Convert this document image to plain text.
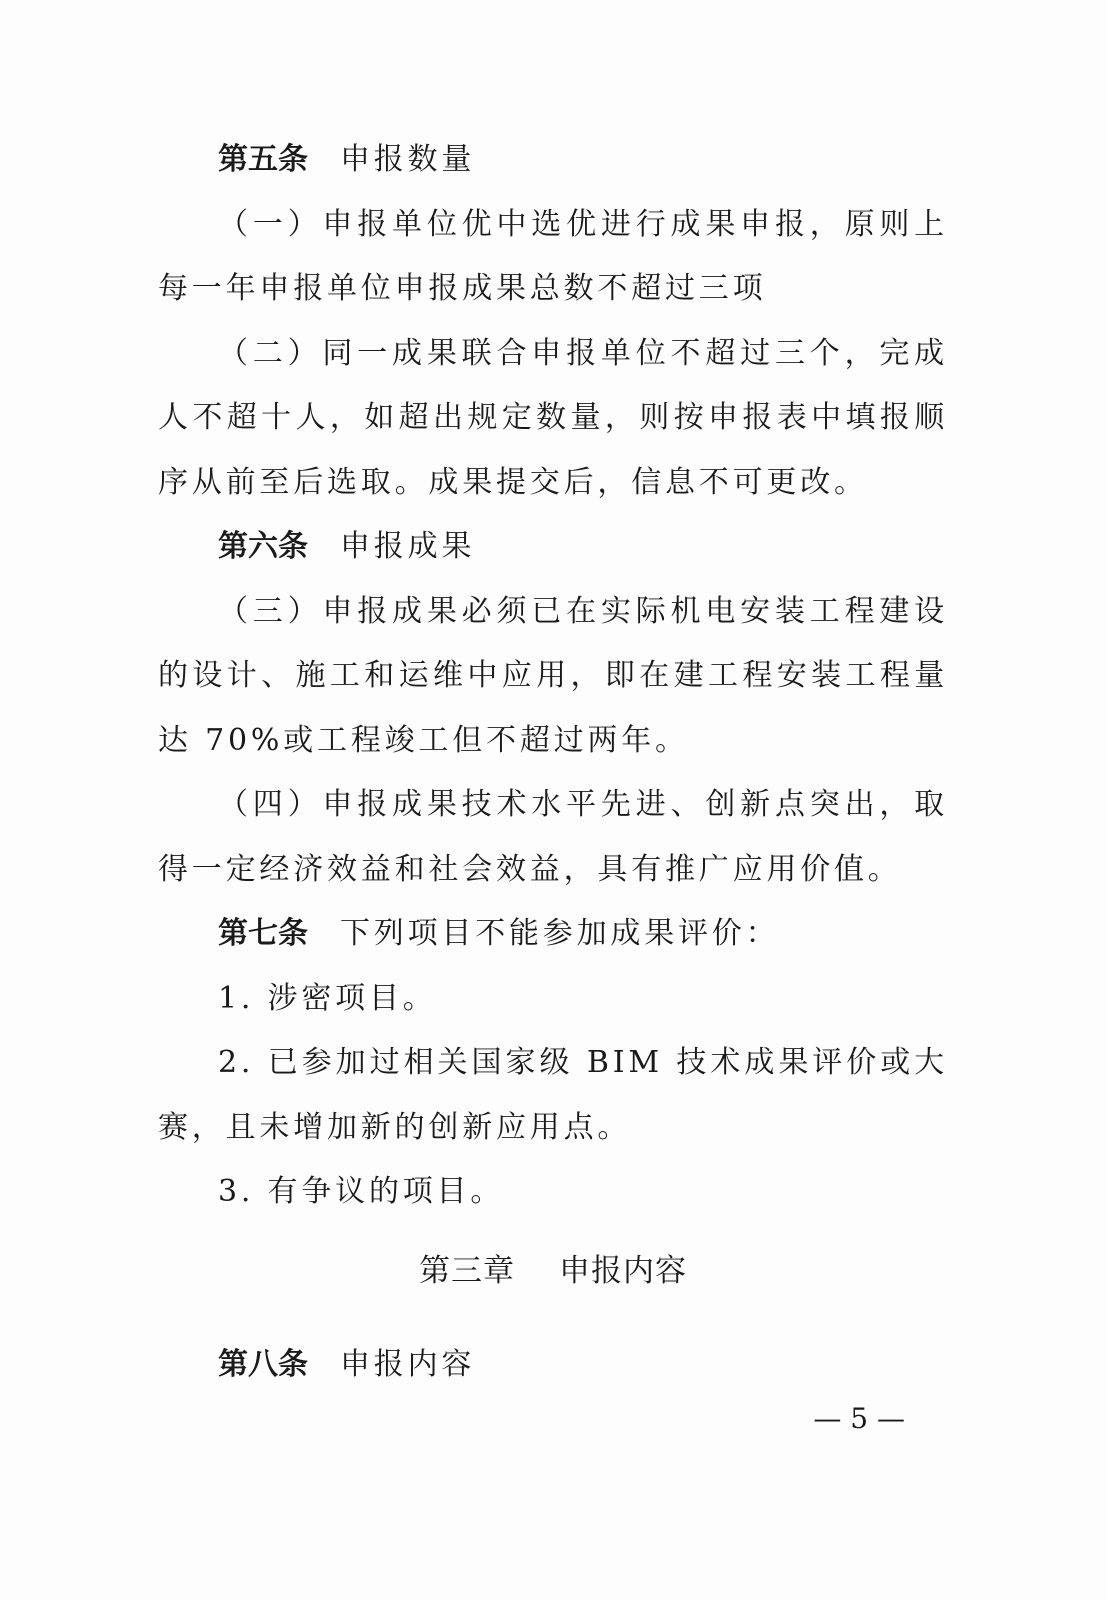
第五条 申报数量

（一）申报单位优中选优进行成果申报，原则上每一年申报单位申报成果总数不超过三项

（二）同一成果联合申报单位不超过三个，完成人不超十人，如超出规定数量，则按申报表中填报顺序从前至后选取。成果提交后，信息不可更改。

第六条 申报成果

（三）申报成果必须已在实际机电安装工程建设的设计、施工和运维中应用，即在建工程安装工程量达 70%或工程竣工但不超过两年。

（四）申报成果技术水平先进、创新点突出，取得一定经济效益和社会效益，具有推广应用价值。

第七条 下列项目不能参加成果评价：

1. 涉密项目。

2. 已参加过相关国家级 BIM 技术成果评价或大赛，且未增加新的创新应用点。

3. 有争议的项目。

第三章 申报内容

第八条 申报内容

— 5 —
